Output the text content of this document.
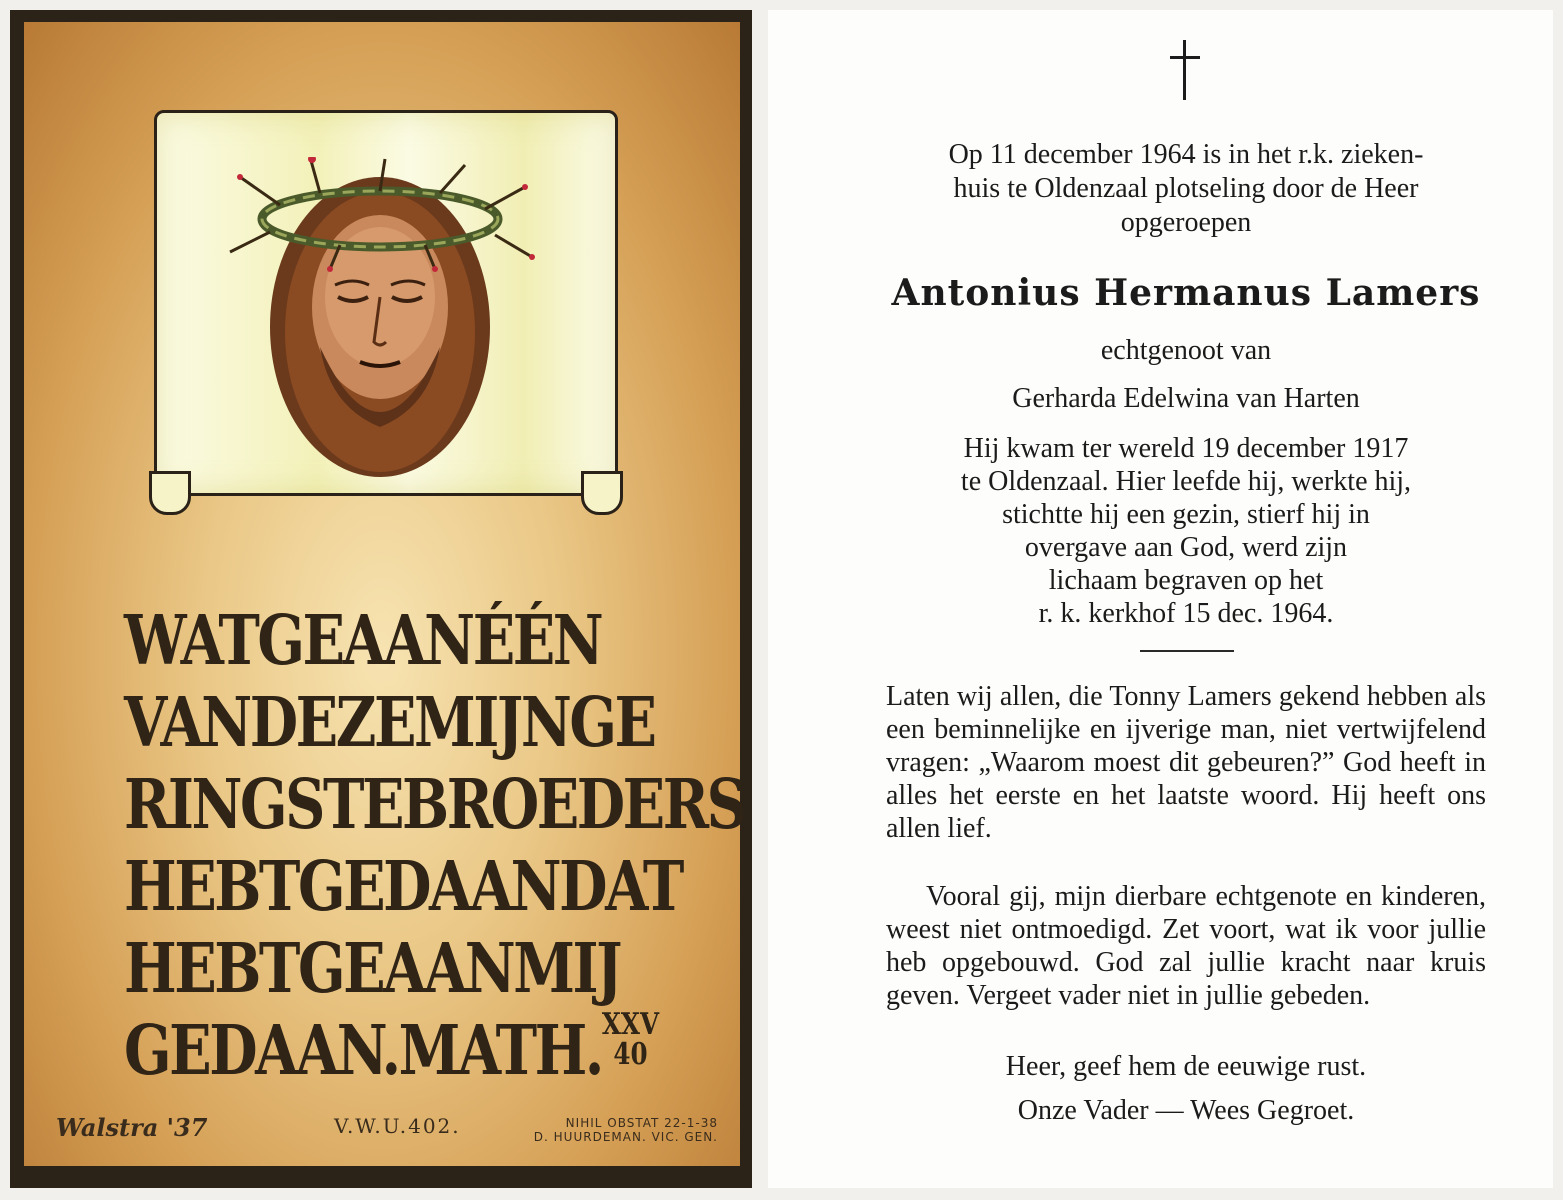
WATGEAANÉÉN
VANDEZEMIJNGE
RINGSTEBROEDERS
HEBTGEDAANDAT
HEBTGEAANMIJ
GEDAAN.MATH. XXV
40
Walstra '37	V.W.U.402.	NIHIL OBSTAT 22-1-38
D. HUURDEMAN. VIC. GEN.
Op 11 december 1964 is in het r.k. zieken-
huis te Oldenzaal plotseling door de Heer
opgeroepen
Antonius Hermanus Lamers
echtgenoot van
Gerharda Edelwina van Harten
Hij kwam ter wereld 19 december 1917
te Oldenzaal. Hier leefde hij, werkte hij,
stichtte hij een gezin, stierf hij in
overgave aan God, werd zijn
lichaam begraven op het
r. k. kerkhof 15 dec. 1964.
Laten wij allen, die Tonny Lamers gekend hebben als een beminnelijke en ijverige man, niet vertwijfelend vragen: „Waarom moest dit gebeuren?” God heeft in alles het eerste en het laatste woord. Hij heeft ons allen lief.
Vooral gij, mijn dierbare echtgenote en kinderen, weest niet ontmoedigd. Zet voort, wat ik voor jullie heb opgebouwd. God zal jullie kracht naar kruis geven. Vergeet vader niet in jullie gebeden.
Heer, geef hem de eeuwige rust.
Onze Vader — Wees Gegroet.
